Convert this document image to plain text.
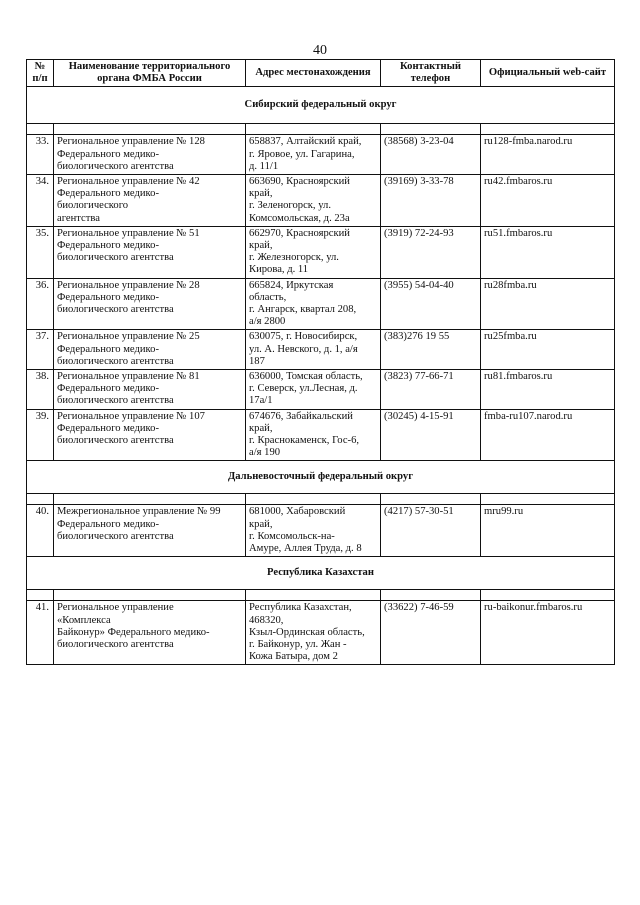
40
№ п/п	Наименование территориального органа ФМБА России	Адрес местонахождения	Контактный телефон	Официальный web-сайт
Сибирский федеральный округ				

33.	Региональное управление № 128
Федерального медико-
биологического агентства	658837, Алтайский край,
г. Яровое, ул. Гагарина,
д. 11/1	(38568) 3-23-04	ru128-fmba.narod.ru
34.	Региональное управление № 42
Федерального медико-
биологического
агентства	663690, Красноярский
край,
г. Зеленогорск, ул.
Комсомольская, д. 23а	(39169) 3-33-78	ru42.fmbaros.ru
35.	Региональное управление № 51
Федерального медико-
биологического агентства	662970, Красноярский
край,
г. Железногорск, ул.
Кирова, д. 11	(3919) 72-24-93	ru51.fmbaros.ru
36.	Региональное управление № 28
Федерального медико-
биологического агентства	665824, Иркутская
область,
г. Ангарск, квартал 208,
а/я 2800	(3955) 54-04-40	ru28fmba.ru
37.	Региональное управление № 25
Федерального медико-
биологического агентства	630075, г. Новосибирск,
ул. А. Невского, д. 1, а/я
187	(383)276 19 55	ru25fmba.ru
38.	Региональное управление № 81
Федерального медико-
биологического агентства	636000, Томская область,
г. Северск, ул.Лесная, д.
17а/1	(3823) 77-66-71	ru81.fmbaros.ru
39.	Региональное управление № 107
Федерального медико-
биологического агентства	674676, Забайкальский
край,
г. Краснокаменск, Гос-6,
а/я 190	(30245) 4-15-91	fmba-ru107.narod.ru
Дальневосточный федеральный округ				

40.	Межрегиональное управление № 99
Федерального медико-
биологического агентства	681000, Хабаровский
край,
г. Комсомольск-на-
Амуре, Аллея Труда, д. 8	(4217) 57-30-51	mru99.ru
Республика Казахстан				

41.	Региональное управление
«Комплекса
Байконур» Федерального медико-
биологического агентства	Республика Казахстан,
468320,
Кзыл-Ординская область,
г. Байконур, ул. Жан -
Кожа Батыра, дом 2	(33622) 7-46-59	ru-baikonur.fmbaros.ru
